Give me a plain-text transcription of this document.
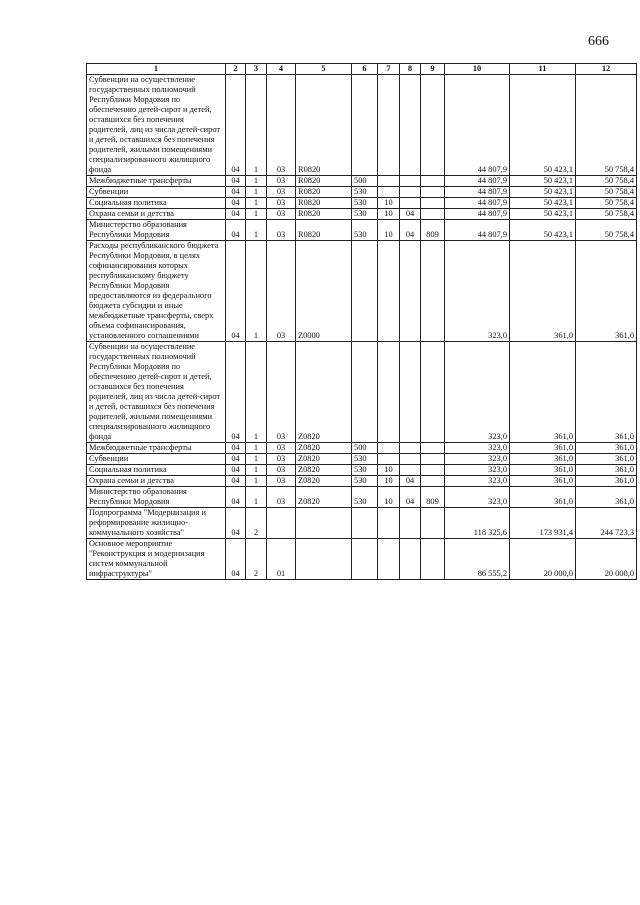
666
1	2	3	4	5	6	7	8	9	10	11	12
Субвенции на осуществление государственных полномочий Республики Мордовия по обеспечению детей-сирот и детей, оставшихся без попечения родителей, лиц из числа детей-сирот и детей, оставшихся без попечения родителей, жилыми помещениями специализированного жилищного фонда	04	1	03	R0820					44 807,9	50 423,1	50 758,4
Межбюджетные трансферты	04	1	03	R0820	500				44 807,9	50 423,1	50 758,4
Субвенции	04	1	03	R0820	530				44 807,9	50 423,1	50 758,4
Социальная политика	04	1	03	R0820	530	10			44 807,9	50 423,1	50 758,4
Охрана семьи и детства	04	1	03	R0820	530	10	04		44 807,9	50 423,1	50 758,4
Министерство образования Республики Мордовия	04	1	03	R0820	530	10	04	809	44 807,9	50 423,1	50 758,4
Расходы республиканского бюджета Республики Мордовия, в целях софинансирования которых республиканскому бюджету Республики Мордовия предоставляются из федерального бюджета субсидии и иные межбюджетные трансферты, сверх объема софинансирования, установленного соглашениями	04	1	03	Z0000					323,0	361,0	361,0
Субвенции на осуществление государственных полномочий Республики Мордовия по обеспечению детей-сирот и детей, оставшихся без попечения родителей, лиц из числа детей-сирот и детей, оставшихся без попечения родителей, жилыми помещениями специализированного жилищного фонда	04	1	03	Z0820					323,0	361,0	361,0
Межбюджетные трансферты	04	1	03	Z0820	500				323,0	361,0	361,0
Субвенции	04	1	03	Z0820	530				323,0	361,0	361,0
Социальная политика	04	1	03	Z0820	530	10			323,0	361,0	361,0
Охрана семьи и детства	04	1	03	Z0820	530	10	04		323,0	361,0	361,0
Министерство образования Республики Мордовия	04	1	03	Z0820	530	10	04	809	323,0	361,0	361,0
Подпрограмма "Модернизация и реформирование жилищно-коммунального хозяйства"	04	2							118 325,6	173 931,4	244 723,3
Основное мероприятие "Реконструкция и модернизация систем коммунальной инфраструктуры"	04	2	01						86 555,2	20 000,0	20 000,0
